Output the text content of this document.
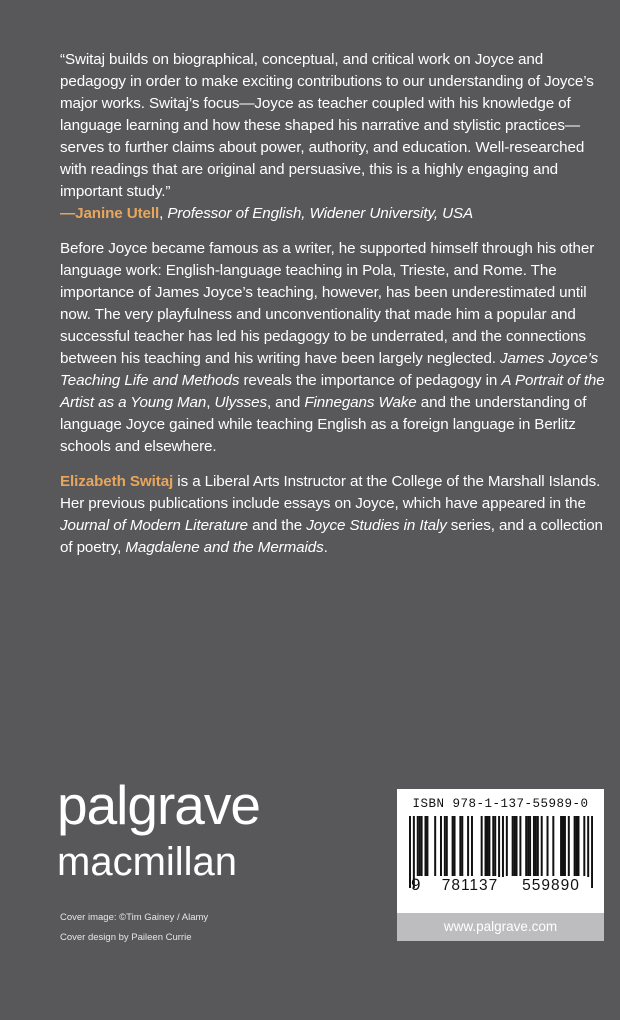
“Switaj builds on biographical, conceptual, and critical work on Joyce and pedagogy in order to make exciting contributions to our understanding of Joyce’s major works. Switaj’s focus—Joyce as teacher coupled with his knowledge of language learning and how these shaped his narrative and stylistic practices—serves to further claims about power, authority, and education. Well-researched with readings that are original and persuasive, this is a highly engaging and important study.”
—Janine Utell, Professor of English, Widener University, USA
Before Joyce became famous as a writer, he supported himself through his other language work: English-language teaching in Pola, Trieste, and Rome. The importance of James Joyce’s teaching, however, has been underestimated until now. The very playfulness and unconventionality that made him a popular and successful teacher has led his pedagogy to be underrated, and the connections between his teaching and his writing have been largely neglected. James Joyce’s Teaching Life and Methods reveals the importance of pedagogy in A Portrait of the Artist as a Young Man, Ulysses, and Finnegans Wake and the understanding of language Joyce gained while teaching English as a foreign language in Berlitz schools and elsewhere.
Elizabeth Switaj is a Liberal Arts Instructor at the College of the Marshall Islands. Her previous publications include essays on Joyce, which have appeared in the Journal of Modern Literature and the Joyce Studies in Italy series, and a collection of poetry, Magdalene and the Mermaids.
palgrave
macmillan
Cover image: ©Tim Gainey / Alamy
Cover design by Paileen Currie
ISBN 978-1-137-55989-0
9	781137	559890
www.palgrave.com
